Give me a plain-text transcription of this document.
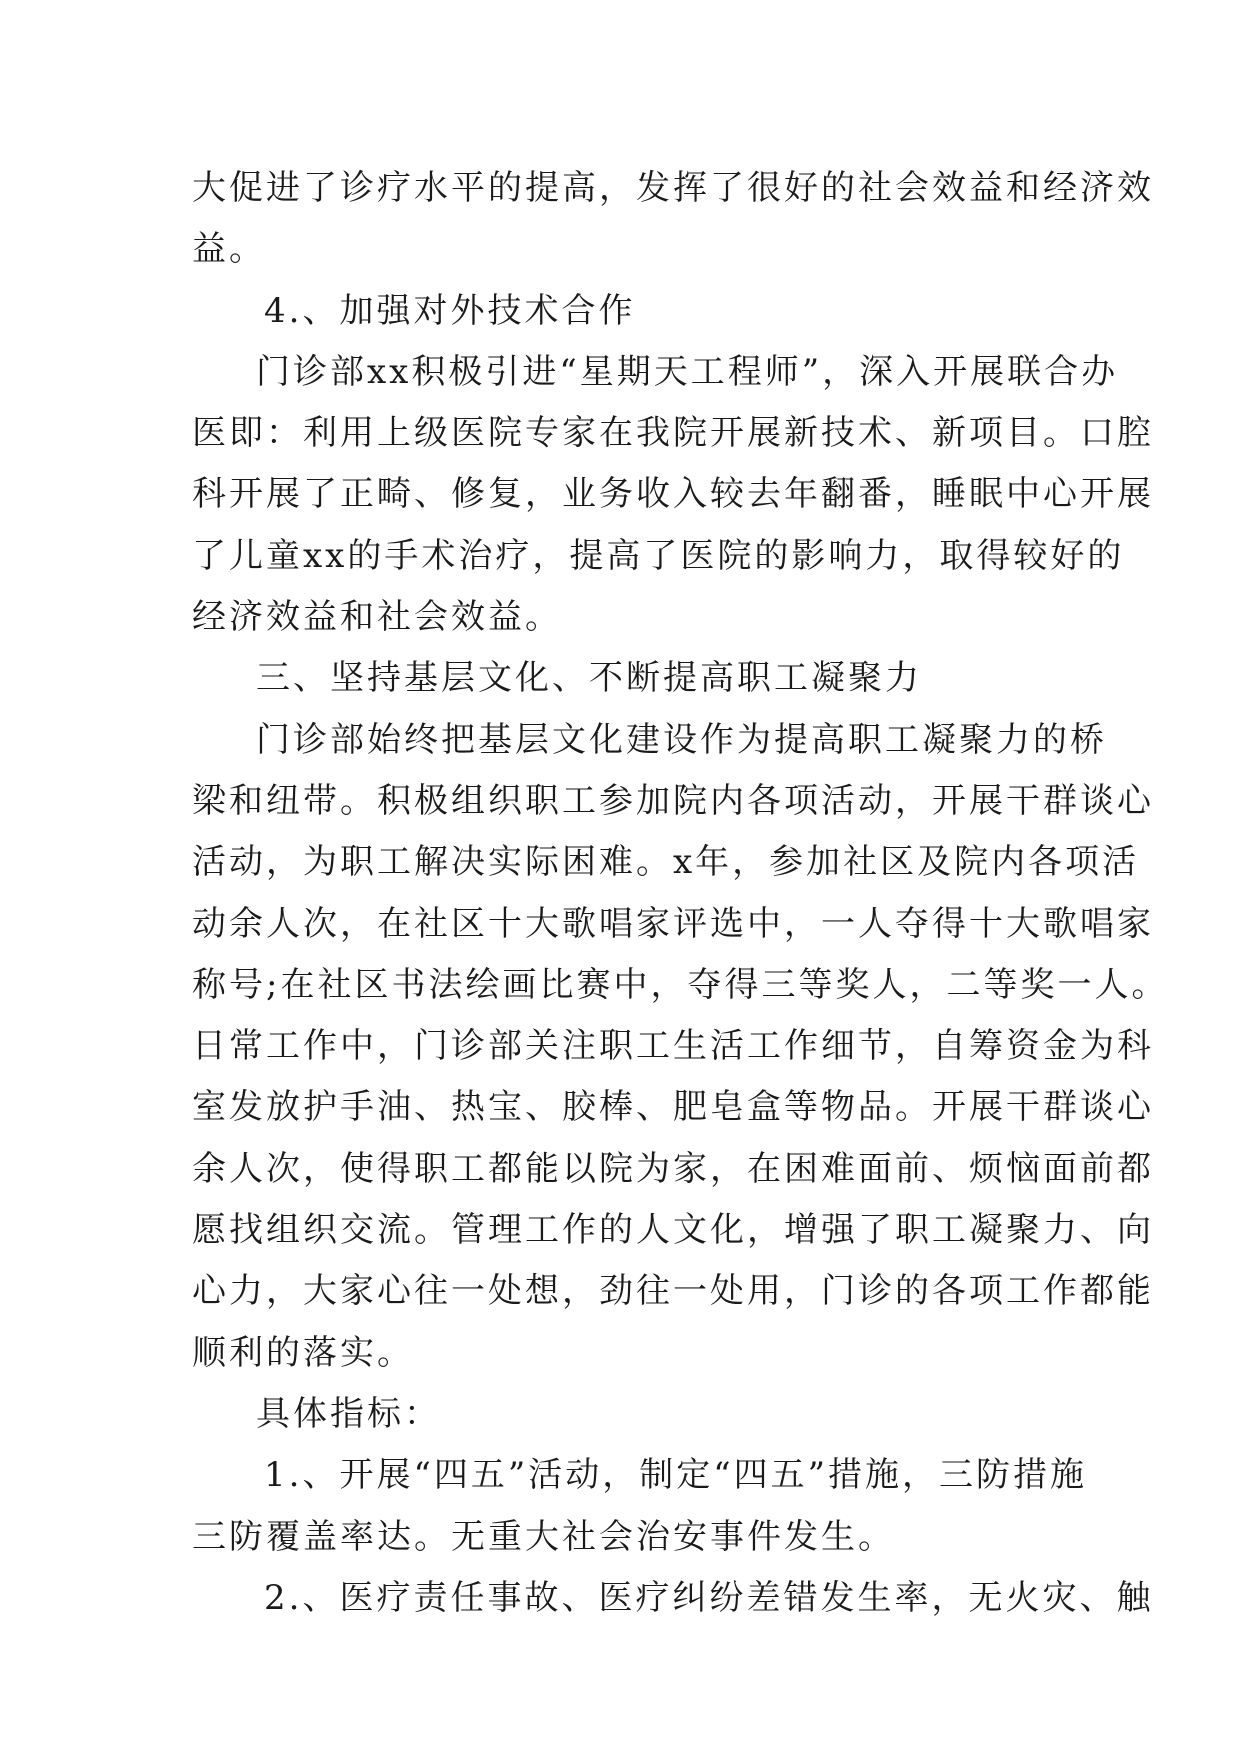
大促进了诊疗水平的提高，发挥了很好的社会效益和经济效
益。
4.、加强对外技术合作
门诊部xx积极引进“星期天工程师”，深入开展联合办
医即：利用上级医院专家在我院开展新技术、新项目。口腔
科开展了正畸、修复，业务收入较去年翻番，睡眠中心开展
了儿童xx的手术治疗，提高了医院的影响力，取得较好的
经济效益和社会效益。
三、坚持基层文化、不断提高职工凝聚力
门诊部始终把基层文化建设作为提高职工凝聚力的桥
梁和纽带。积极组织职工参加院内各项活动，开展干群谈心
活动，为职工解决实际困难。x年，参加社区及院内各项活
动余人次，在社区十大歌唱家评选中，一人夺得十大歌唱家
称号;在社区书法绘画比赛中，夺得三等奖人，二等奖一人。
日常工作中，门诊部关注职工生活工作细节，自筹资金为科
室发放护手油、热宝、胶棒、肥皂盒等物品。开展干群谈心
余人次，使得职工都能以院为家，在困难面前、烦恼面前都
愿找组织交流。管理工作的人文化，增强了职工凝聚力、向
心力，大家心往一处想，劲往一处用，门诊的各项工作都能
顺利的落实。
具体指标：
1.、开展“四五”活动，制定“四五”措施，三防措施
三防覆盖率达。无重大社会治安事件发生。
2.、医疗责任事故、医疗纠纷差错发生率，无火灾、触
